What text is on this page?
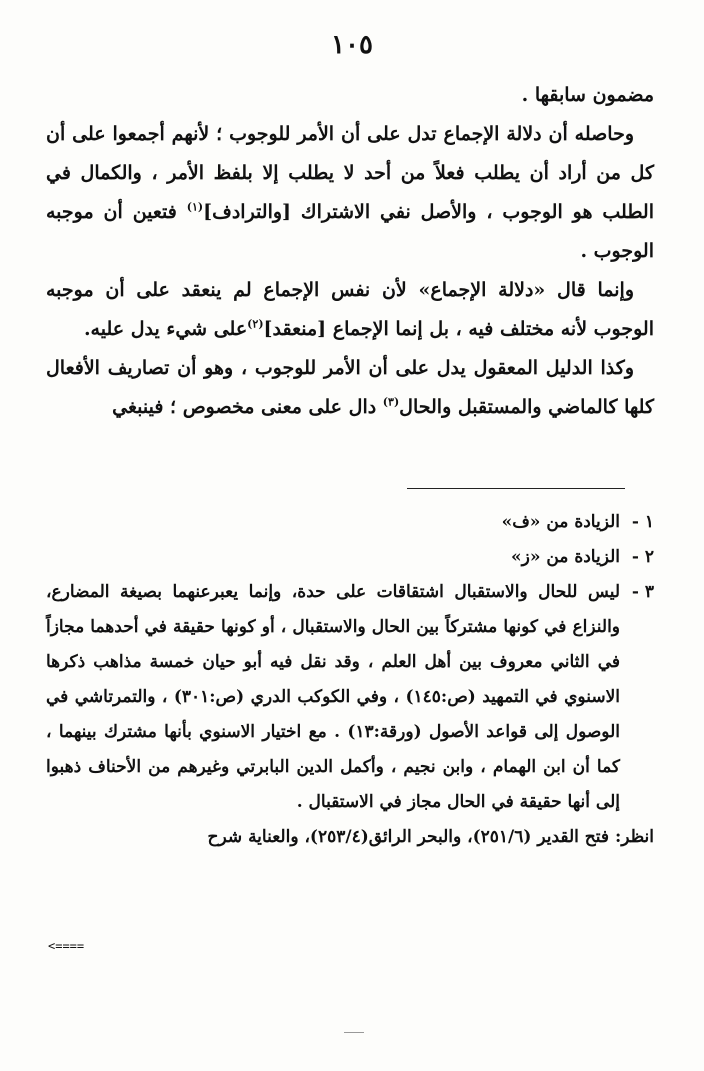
١٠٥

مضمون سابقها .

وحاصله أن دلالة الإجماع تدل على أن الأمر للوجوب ؛ لأنهم أجمعوا على أن كل من أراد أن يطلب فعلاً من أحد لا يطلب إلا بلفظ الأمر ، والكمال في الطلب هو الوجوب ، والأصل نفي الاشتراك [والترادف]$^{(١)}$ فتعين أن موجبه الوجوب .

وإنما قال «دلالة الإجماع» لأن نفس الإجماع لم ينعقد على أن موجبه الوجوب لأنه مختلف فيه ، بل إنما الإجماع [منعقد]$^{(٢)}$على شيء يدل عليه.

وكذا الدليل المعقول يدل على أن الأمر للوجوب ، وهو أن تصاريف الأفعال كلها كالماضي والمستقبل والحال$^{(٣)}$ دال على معنى مخصوص ؛ فينبغي

١ -
الزيادة من «ف»
٢ -
الزيادة من «ز»
٣ -
ليس للحال والاستقبال اشتقاقات على حدة، وإنما يعبرعنهما بصيغة المضارع، والنزاع في كونها مشتركاً بين الحال والاستقبال ، أو كونها حقيقة في أحدهما مجازاً في الثاني معروف بين أهل العلم ، وقد نقل فيه أبو حيان خمسة مذاهب ذكرها الاسنوي في التمهيد (ص:١٤٥) ، وفي الكوكب الدري (ص:٣٠١) ، والتمرتاشي في الوصول إلى قواعد الأصول (ورقة:١٣) . مع اختيار الاسنوي بأنها مشترك بينهما ، كما أن ابن الهمام ، وابن نجيم ، وأكمل الدين البابرتي وغيرهم من الأحناف ذهبوا إلى أنها حقيقة في الحال مجاز في الاستقبال .

انظر: فتح القدير (٢٥١/٦)، والبحر الرائق(٢٥٣/٤)، والعناية شرح

<====
